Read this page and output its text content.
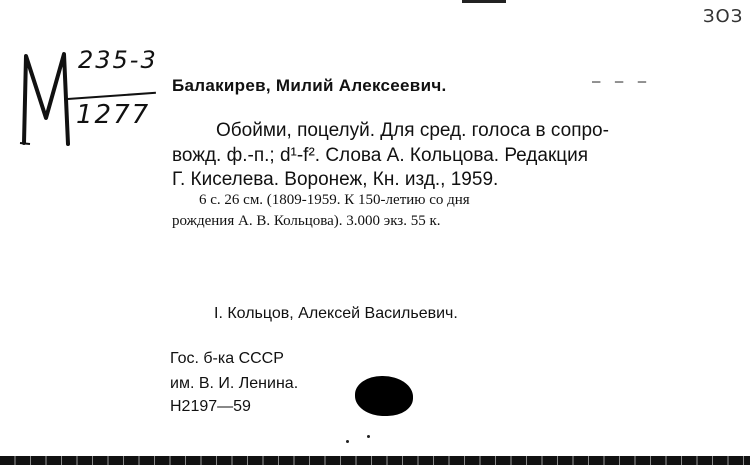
235-3
1277
ЗОЗ
Балакирев, Милий Алексеевич.	— — —
Обойми, поцелуй. Для сред. голоса в сопро-
вожд. ф.-п.; d¹-f². Слова А. Кольцова. Редакция
Г. Киселева. Воронеж, Кн. изд., 1959.
6 с. 26 см. (1809-1959. К 150-летию со дня
рождения А. В. Кольцова). 3.000 экз. 55 к.
I. Кольцов, Алексей Васильевич.
Гос. б-ка СССР
им. В. И. Ленина.
Н2197—59
